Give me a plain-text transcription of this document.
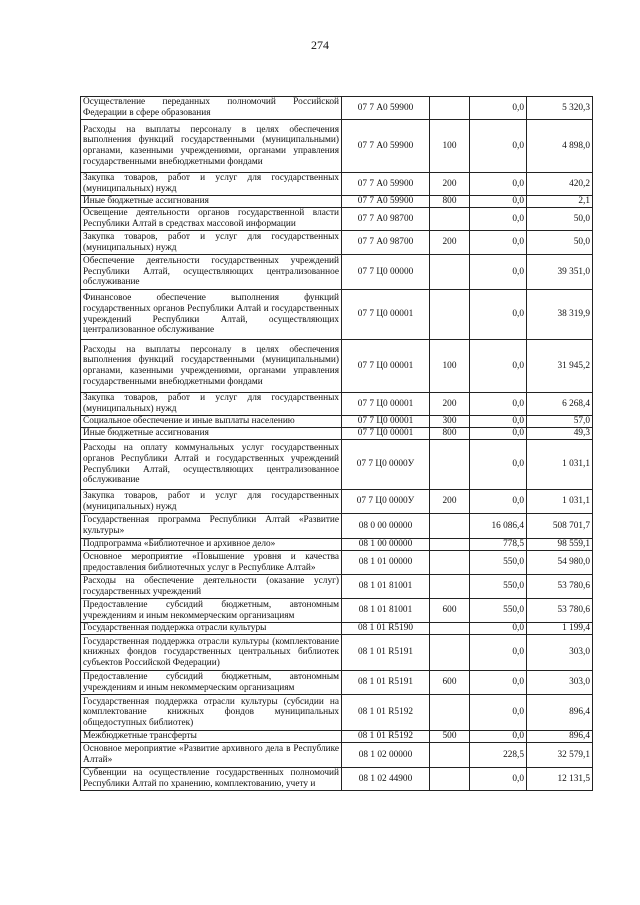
274
Осуществление переданных полномочий Российской Федерации в сфере образования	07 7 А0 59900		0,0	5 320,3
Расходы на выплаты персоналу в целях обеспечения выполнения функций государственными (муниципальными) органами, казенными учреждениями, органами управления государственными внебюджетными фондами	07 7 А0 59900	100	0,0	4 898,0
Закупка товаров, работ и услуг для государственных (муниципальных) нужд	07 7 А0 59900	200	0,0	420,2
Иные бюджетные ассигнования	07 7 А0 59900	800	0,0	2,1
Освещение деятельности органов государственной власти Республики Алтай в средствах массовой информации	07 7 А0 98700		0,0	50,0
Закупка товаров, работ и услуг для государственных (муниципальных) нужд	07 7 А0 98700	200	0,0	50,0
Обеспечение деятельности государственных учреждений Республики Алтай, осуществляющих централизованное обслуживание	07 7 Ц0 00000		0,0	39 351,0
Финансовое обеспечение выполнения функций государственных органов Республики Алтай и государственных учреждений Республики Алтай, осуществляющих централизованное обслуживание	07 7 Ц0 00001		0,0	38 319,9
Расходы на выплаты персоналу в целях обеспечения выполнения функций государственными (муниципальными) органами, казенными учреждениями, органами управления государственными внебюджетными фондами	07 7 Ц0 00001	100	0,0	31 945,2
Закупка товаров, работ и услуг для государственных (муниципальных) нужд	07 7 Ц0 00001	200	0,0	6 268,4
Социальное обеспечение и иные выплаты населению	07 7 Ц0 00001	300	0,0	57,0
Иные бюджетные ассигнования	07 7 Ц0 00001	800	0,0	49,3
Расходы на оплату коммунальных услуг государственных органов Республики Алтай и государственных учреждений Республики Алтай, осуществляющих централизованное обслуживание	07 7 Ц0 0000У		0,0	1 031,1
Закупка товаров, работ и услуг для государственных (муниципальных) нужд	07 7 Ц0 0000У	200	0,0	1 031,1
Государственная программа Республики Алтай «Развитие культуры»	08 0 00 00000		16 086,4	508 701,7
Подпрограмма «Библиотечное и архивное дело»	08 1 00 00000		778,5	98 559,1
Основное мероприятие «Повышение уровня и качества предоставления библиотечных услуг в Республике Алтай»	08 1 01 00000		550,0	54 980,0
Расходы на обеспечение деятельности (оказание услуг) государственных учреждений	08 1 01 81001		550,0	53 780,6
Предоставление субсидий бюджетным, автономным учреждениям и иным некоммерческим организациям	08 1 01 81001	600	550,0	53 780,6
Государственная поддержка отрасли культуры	08 1 01 R5190		0,0	1 199,4
Государственная поддержка отрасли культуры (комплектование книжных фондов государственных центральных библиотек субъектов Российской Федерации)	08 1 01 R5191		0,0	303,0
Предоставление субсидий бюджетным, автономным учреждениям и иным некоммерческим организациям	08 1 01 R5191	600	0,0	303,0
Государственная поддержка отрасли культуры (субсидии на комплектование книжных фондов муниципальных общедоступных библиотек)	08 1 01 R5192		0,0	896,4
Межбюджетные трансферты	08 1 01 R5192	500	0,0	896,4
Основное мероприятие «Развитие архивного дела в Республике Алтай»	08 1 02 00000		228,5	32 579,1
Субвенции на осуществление государственных полномочий Республики Алтай по хранению, комплектованию, учету и	08 1 02 44900		0,0	12 131,5
